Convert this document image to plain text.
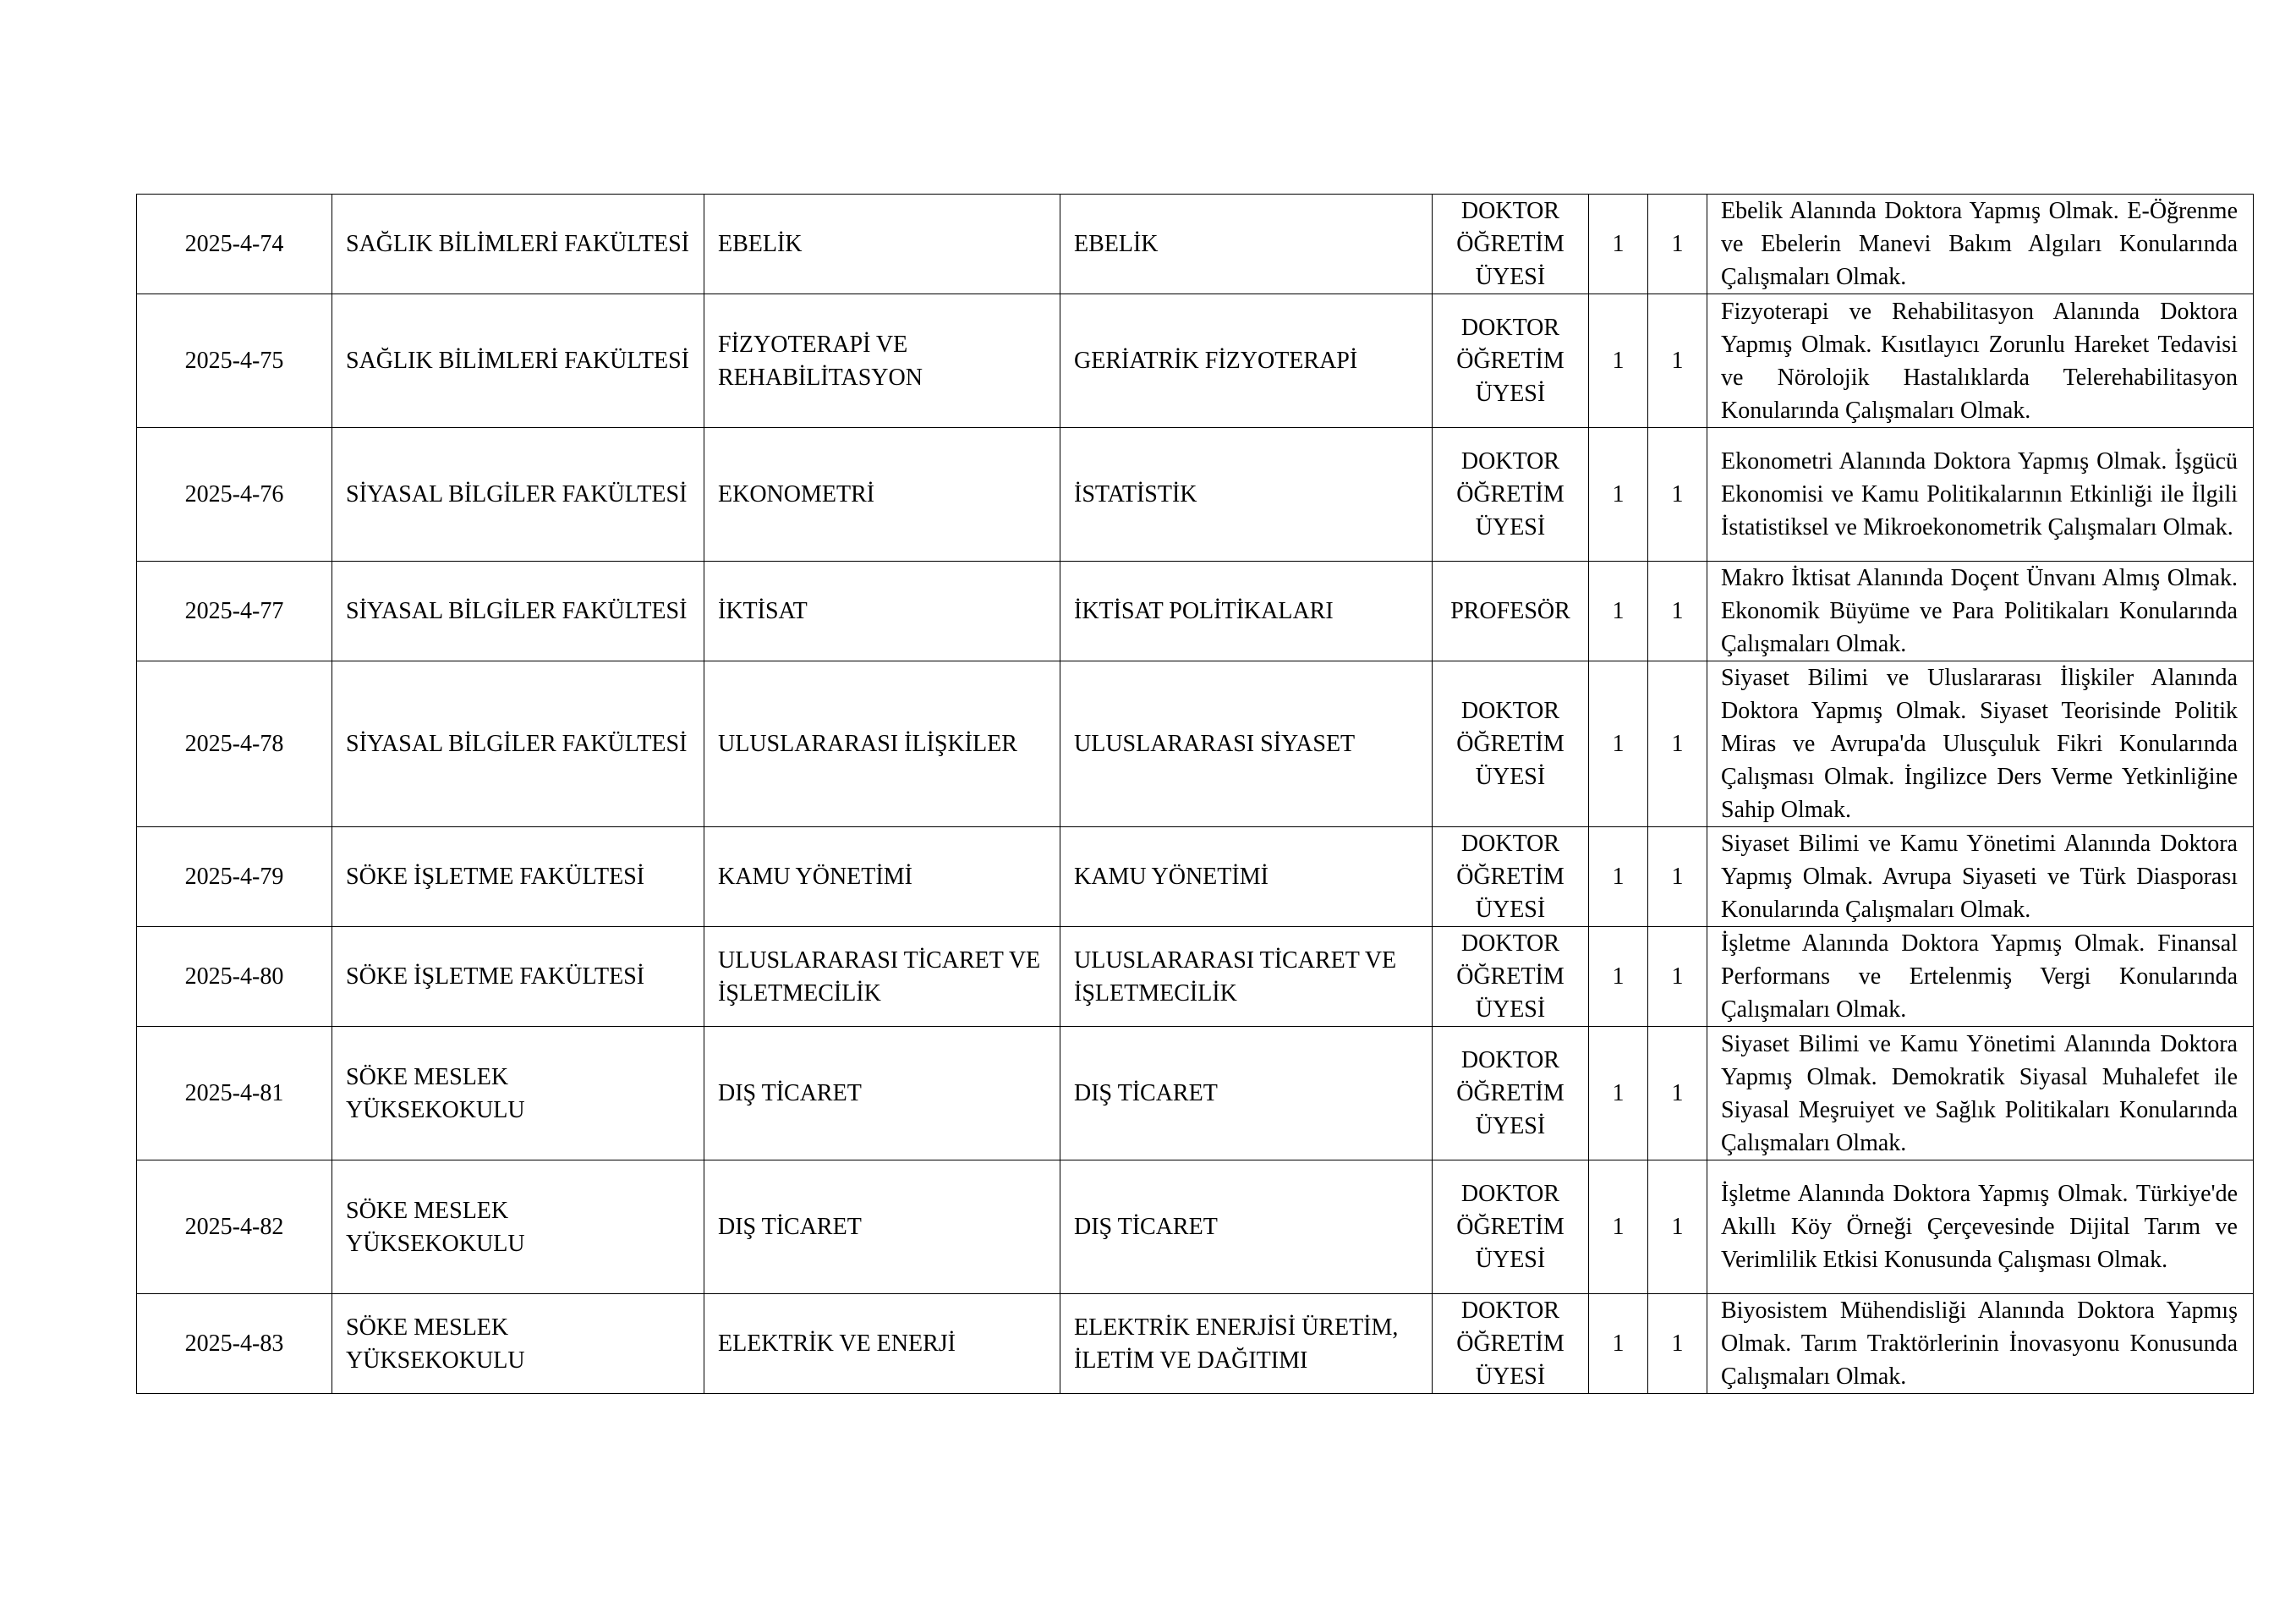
2025-4-74	SAĞLIK BİLİMLERİ FAKÜLTESİ	EBELİK	EBELİK	DOKTOR ÖĞRETİM ÜYESİ	1	1	Ebelik Alanında Doktora Yapmış Olmak. E-Öğrenme ve Ebelerin Manevi Bakım Algıları Konularında Çalışmaları Olmak.
2025-4-75	SAĞLIK BİLİMLERİ FAKÜLTESİ	FİZYOTERAPİ VE REHABİLİTASYON	GERİATRİK FİZYOTERAPİ	DOKTOR ÖĞRETİM ÜYESİ	1	1	Fizyoterapi ve Rehabilitasyon Alanında Doktora Yapmış Olmak. Kısıtlayıcı Zorunlu Hareket Tedavisi ve Nörolojik Hastalıklarda Telerehabilitasyon Konularında Çalışmaları Olmak.
2025-4-76	SİYASAL BİLGİLER FAKÜLTESİ	EKONOMETRİ	İSTATİSTİK	DOKTOR ÖĞRETİM ÜYESİ	1	1	Ekonometri Alanında Doktora Yapmış Olmak. İşgücü Ekonomisi ve Kamu Politikalarının Etkinliği ile İlgili İstatistiksel ve Mikroekonometrik Çalışmaları Olmak.
2025-4-77	SİYASAL BİLGİLER FAKÜLTESİ	İKTİSAT	İKTİSAT POLİTİKALARI	PROFESÖR	1	1	Makro İktisat Alanında Doçent Ünvanı Almış Olmak. Ekonomik Büyüme ve Para Politikaları Konularında Çalışmaları Olmak.
2025-4-78	SİYASAL BİLGİLER FAKÜLTESİ	ULUSLARARASI İLİŞKİLER	ULUSLARARASI SİYASET	DOKTOR ÖĞRETİM ÜYESİ	1	1	Siyaset Bilimi ve Uluslararası İlişkiler Alanında Doktora Yapmış Olmak. Siyaset Teorisinde Politik Miras ve Avrupa'da Ulusçuluk Fikri Konularında Çalışması Olmak. İngilizce Ders Verme Yetkinliğine Sahip Olmak.
2025-4-79	SÖKE İŞLETME FAKÜLTESİ	KAMU YÖNETİMİ	KAMU YÖNETİMİ	DOKTOR ÖĞRETİM ÜYESİ	1	1	Siyaset Bilimi ve Kamu Yönetimi Alanında Doktora Yapmış Olmak. Avrupa Siyaseti ve Türk Diasporası Konularında Çalışmaları Olmak.
2025-4-80	SÖKE İŞLETME FAKÜLTESİ	ULUSLARARASI TİCARET VE İŞLETMECİLİK	ULUSLARARASI TİCARET VE İŞLETMECİLİK	DOKTOR ÖĞRETİM ÜYESİ	1	1	İşletme Alanında Doktora Yapmış Olmak. Finansal Performans ve Ertelenmiş Vergi Konularında Çalışmaları Olmak.
2025-4-81	SÖKE MESLEK YÜKSEKOKULU	DIŞ TİCARET	DIŞ TİCARET	DOKTOR ÖĞRETİM ÜYESİ	1	1	Siyaset Bilimi ve Kamu Yönetimi Alanında Doktora Yapmış Olmak. Demokratik Siyasal Muhalefet ile Siyasal Meşruiyet ve Sağlık Politikaları Konularında Çalışmaları Olmak.
2025-4-82	SÖKE MESLEK YÜKSEKOKULU	DIŞ TİCARET	DIŞ TİCARET	DOKTOR ÖĞRETİM ÜYESİ	1	1	İşletme Alanında Doktora Yapmış Olmak. Türkiye'de Akıllı Köy Örneği Çerçevesinde Dijital Tarım ve Verimlilik Etkisi Konusunda Çalışması Olmak.
2025-4-83	SÖKE MESLEK YÜKSEKOKULU	ELEKTRİK VE ENERJİ	ELEKTRİK ENERJİSİ ÜRETİM, İLETİM VE DAĞITIMI	DOKTOR ÖĞRETİM ÜYESİ	1	1	Biyosistem Mühendisliği Alanında Doktora Yapmış Olmak. Tarım Traktörlerinin İnovasyonu Konusunda Çalışmaları Olmak.
